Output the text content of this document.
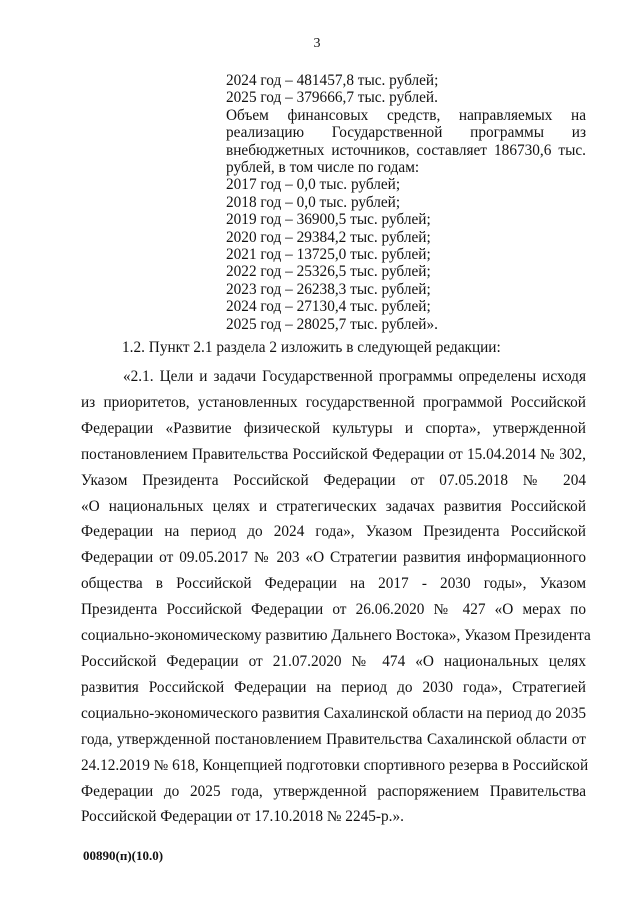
3
2024 год – 481457,8 тыс. рублей;
2025 год – 379666,7 тыс. рублей.
Объем финансовых средств, направляемых на
реализацию Государственной программы из
внебюджетных источников, составляет 186730,6 тыс.
рублей, в том числе по годам:
2017 год – 0,0 тыс. рублей;
2018 год – 0,0 тыс. рублей;
2019 год – 36900,5 тыс. рублей;
2020 год – 29384,2 тыс. рублей;
2021 год – 13725,0 тыс. рублей;
2022 год – 25326,5 тыс. рублей;
2023 год – 26238,3 тыс. рублей;
2024 год – 27130,4 тыс. рублей;
2025 год – 28025,7 тыс. рублей».
1.2. Пункт 2.1 раздела 2 изложить в следующей редакции:
«2.1. Цели и задачи Государственной программы определены исходя
из приоритетов, установленных государственной программой Российской
Федерации «Развитие физической культуры и спорта», утвержденной
постановлением Правительства Российской Федерации от 15.04.2014 № 302,
Указом Президента Российской Федерации от 07.05.2018 № 204
«О национальных целях и стратегических задачах развития Российской
Федерации на период до 2024 года», Указом Президента Российской
Федерации от 09.05.2017 № 203 «О Стратегии развития информационного
общества в Российской Федерации на 2017 - 2030 годы», Указом
Президента Российской Федерации от 26.06.2020 № 427 «О мерах по
социально-экономическому развитию Дальнего Востока», Указом Президента
Российской Федерации от 21.07.2020 № 474 «О национальных целях
развития Российской Федерации на период до 2030 года», Стратегией
социально-экономического развития Сахалинской области на период до 2035
года, утвержденной постановлением Правительства Сахалинской области от
24.12.2019 № 618, Концепцией подготовки спортивного резерва в Российской
Федерации до 2025 года, утвержденной распоряжением Правительства
Российской Федерации от 17.10.2018 № 2245-р.».
00890(п)(10.0)
